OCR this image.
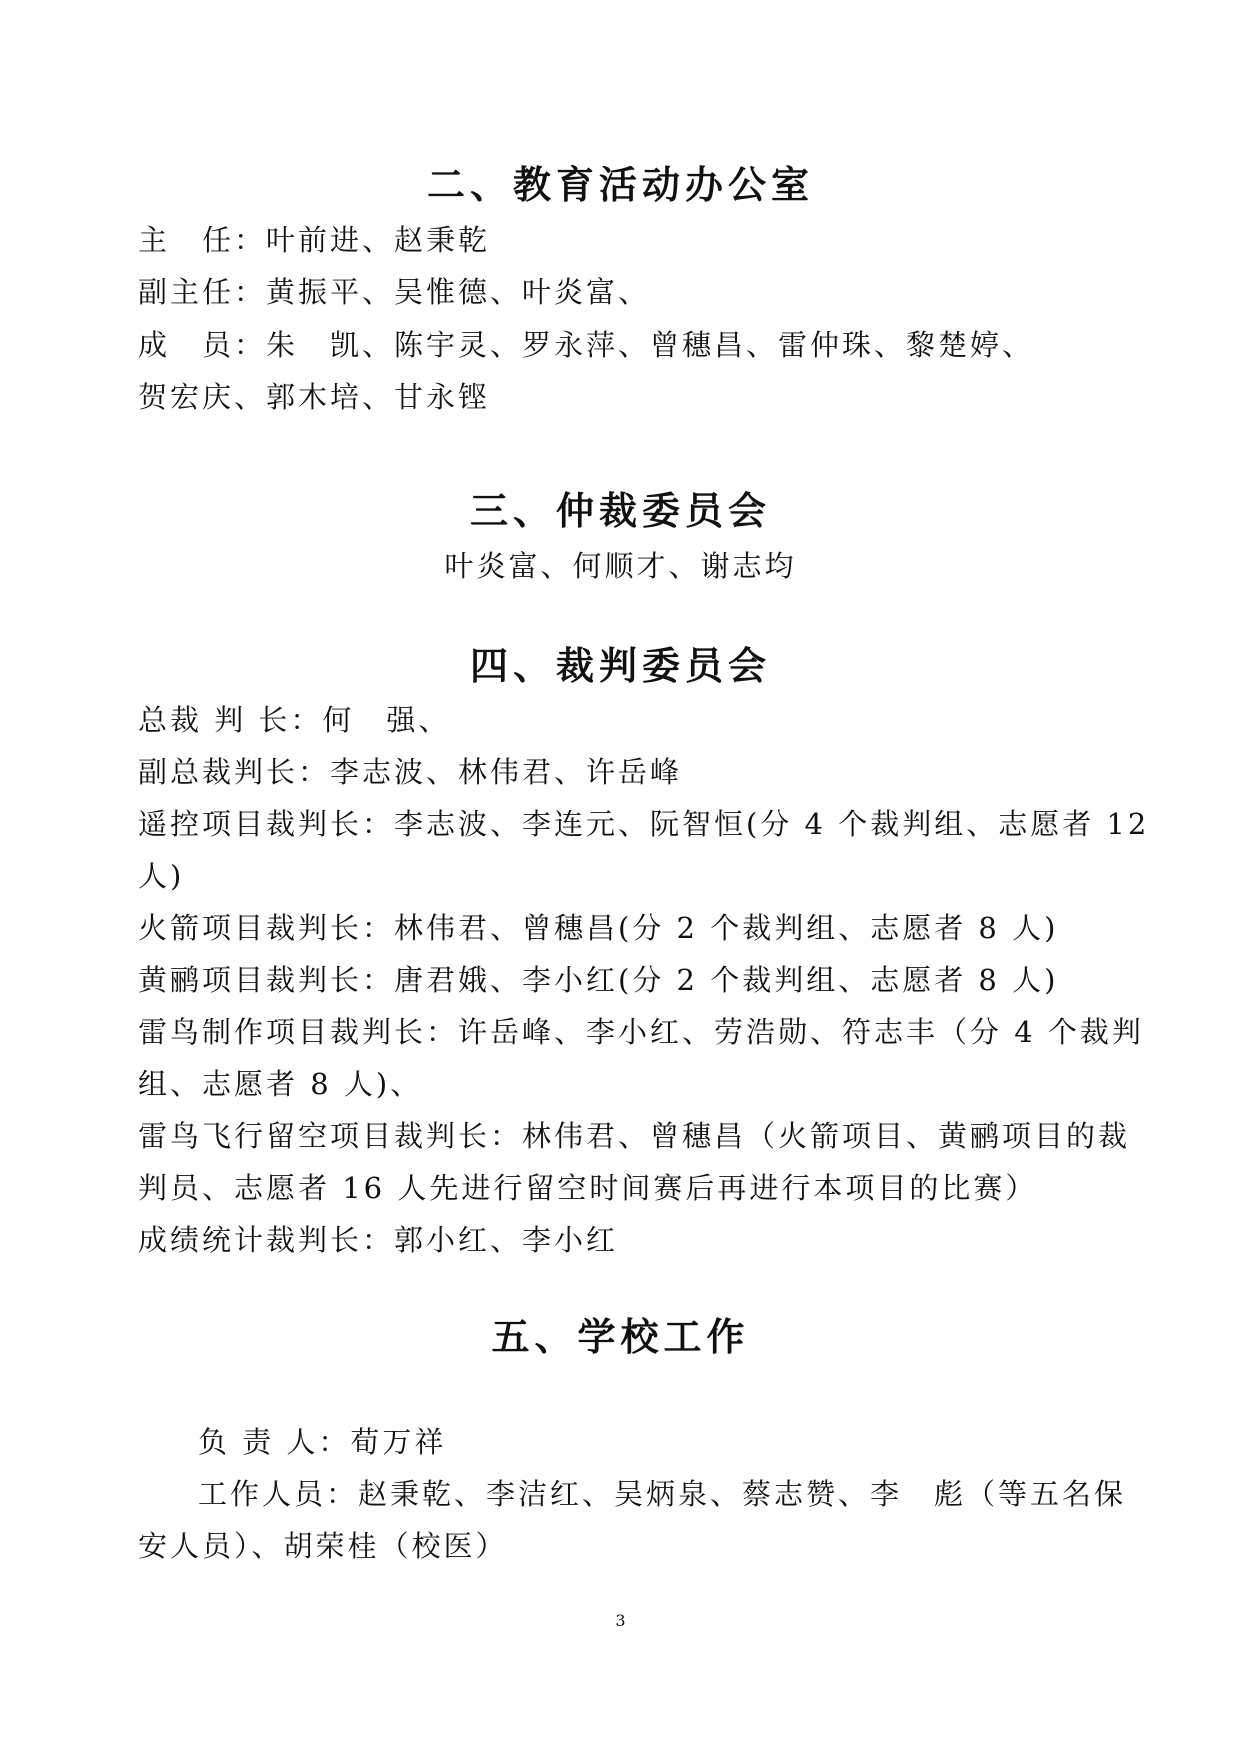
二、教育活动办公室
主　任：叶前进、赵秉乾
副主任：黄振平、吴惟德、叶炎富、
成　员：朱　凯、陈宇灵、罗永萍、曾穗昌、雷仲珠、黎楚婷、
贺宏庆、郭木培、甘永铿
三、仲裁委员会
叶炎富、何顺才、谢志均
四、裁判委员会
总裁 判 长：何　强、
副总裁判长：李志波、林伟君、许岳峰
遥控项目裁判长：李志波、李连元、阮智恒(分 4 个裁判组、志愿者 12
人)
火箭项目裁判长：林伟君、曾穗昌(分 2 个裁判组、志愿者 8 人)
黄鹂项目裁判长：唐君娥、李小红(分 2 个裁判组、志愿者 8 人)
雷鸟制作项目裁判长：许岳峰、李小红、劳浩勋、符志丰（分 4 个裁判
组、志愿者 8 人)、
雷鸟飞行留空项目裁判长：林伟君、曾穗昌（火箭项目、黄鹂项目的裁
判员、志愿者 16 人先进行留空时间赛后再进行本项目的比赛）
成绩统计裁判长：郭小红、李小红
五、学校工作
负 责 人：荀万祥
工作人员：赵秉乾、李洁红、吴炳泉、蔡志赞、李　彪（等五名保
安人员）、胡荣桂（校医）
3
